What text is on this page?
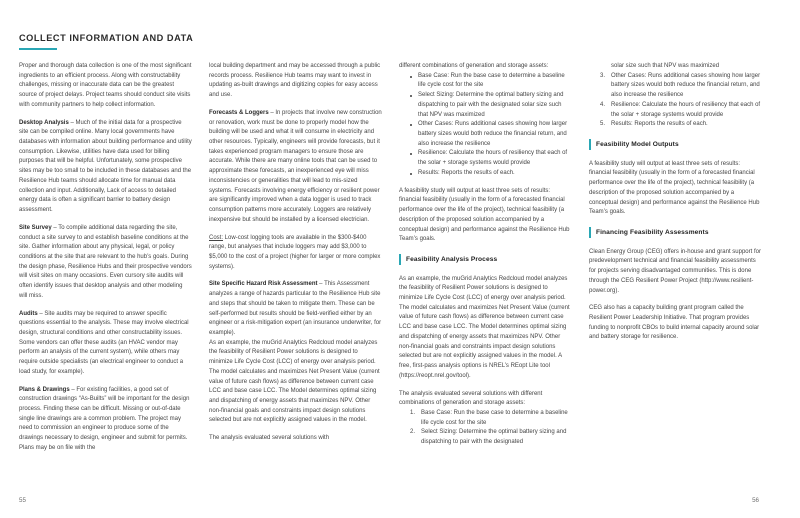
COLLECT INFORMATION AND DATA

Proper and thorough data collection is one of the most significant ingredients to an efficient process. Along with constructability challenges, missing or inaccurate data can be the greatest source of project delays. Project teams should conduct site visits with community partners to help collect information.

Desktop Analysis – Much of the initial data for a prospective site can be compiled online. Many local governments have databases with information about building performance and utility consumption. Likewise, utilities have data used for billing purposes that will be helpful. Unfortunately, some prospective sites may be too small to be included in these databases and the Resilience Hub teams should allocate time for manual data collection and input. Additionally, Lack of access to detailed energy data is often a significant barrier to battery design assessment.

Site Survey – To compile additional data regarding the site, conduct a site survey to and establish baseline conditions at the site. Gather information about any physical, legal, or policy conditions at the site that are relevant to the hub’s goals. During the design phase, Resilience Hubs and their prospective vendors will visit sites on many occasions. Even cursory site audits will often identify issues that desktop analysis and other modeling will miss.

Audits – Site audits may be required to answer specific questions essential to the analysis. These may involve electrical design, structural conditions and other constructability issues. Some vendors can offer these audits (an HVAC vendor may perform an analysis of the current system), while others may require outside specialists (an electrical engineer to conduct a load study, for example).

Plans & Drawings – For existing facilities, a good set of construction drawings “As-Builts” will be important for the design process. Finding these can be difficult. Missing or out-of-date single line drawings are a common problem. The project may need to commission an engineer to produce some of the drawings necessary to design, engineer and submit for permits. Plans may be on file with the

local building department and may be accessed through a public records process. Resilience Hub teams may want to invest in updating as-built drawings and digitizing copies for easy access and use.

Forecasts & Loggers – In projects that involve new construction or renovation, work must be done to properly model how the building will be used and what it will consume in electricity and other resources. Typically, engineers will provide forecasts, but it takes experienced program managers to ensure those are accurate. While there are many online tools that can be used to approximate these forecasts, an inexperienced eye will miss inconsistencies or generalities that will lead to mis-sized systems. Forecasts involving energy efficiency or resilient power are significantly improved when a data logger is used to track consumption patterns more accurately. Loggers are relatively inexpensive but should be installed by a licensed electrician.

Cost: Low-cost logging tools are available in the $300-$400 range, but analyses that include loggers may add $3,000 to $5,000 to the cost of a project (higher for larger or more complex systems).

Site Specific Hazard Risk Assessment – This Assessment analyzes a range of hazards particular to the Resilience Hub site and steps that should be taken to mitigate them. These can be self-performed but results should be field-verified either by an engineer or a risk-mitigation expert (an insurance underwriter, for example).

As an example, the muGrid Analytics Redcloud model analyzes the feasibility of Resilient Power solutions is designed to minimize Life Cycle Cost (LCC) of energy over analysis period. The model calculates and maximizes Net Present Value (current value of future cash flows) as difference between current case LCC and base case LCC. The Model determines optimal sizing and dispatching of energy assets that maximizes NPV. Other non-financial goals and constraints impact design solutions selected but are not explicitly assigned values in the model.

The analysis evaluated several solutions with

different combinations of generation and storage assets:

Base Case: Run the base case to determine a baseline life cycle cost for the site
Select Sizing: Determine the optimal battery sizing and dispatching to pair with the designated solar size such that NPV was maximized
Other Cases: Runs additional cases showing how larger battery sizes would both reduce the financial return, and also increase the resilience
Resilience: Calculate the hours of resiliency that each of the solar + storage systems would provide
Results: Reports the results of each.

A feasibility study will output at least three sets of results: financial feasibility (usually in the form of a forecasted financial performance over the life of the project), technical feasibility (a description of the proposed solution accompanied by a conceptual design) and performance against the Resilience Hub Team’s goals.

Feasibility Analysis Process

As an example, the muGrid Analytics Redcloud model analyzes the feasibility of Resilient Power solutions is designed to minimize Life Cycle Cost (LCC) of energy over analysis period. The model calculates and maximizes Net Present Value (current value of future cash flows) as difference between current case LCC and base case LCC. The Model determines optimal sizing and dispatching of energy assets that maximizes NPV. Other non-financial goals and constraints impact design solutions selected but are not explicitly assigned values in the model. A free, first-pass analysis options is NREL’s REopt Lite tool (https://reopt.nrel.gov/tool).

The analysis evaluated several solutions with different combinations of generation and storage assets:

Base Case: Run the base case to determine a baseline life cycle cost for the site
Select Sizing: Determine the optimal battery sizing and dispatching to pair with the designated
solar size such that NPV was maximized
Other Cases: Runs additional cases showing how larger battery sizes would both reduce the financial return, and also increase the resilience
Resilience: Calculate the hours of resiliency that each of the solar + storage systems would provide
Results: Reports the results of each.
Feasibility Model Outputs

A feasibility study will output at least three sets of results: financial feasibility (usually in the form of a forecasted financial performance over the life of the project), technical feasibility (a description of the proposed solution accompanied by a conceptual design) and performance against the Resilience Hub Team’s goals.

Financing Feasibility Assessments

Clean Energy Group (CEG) offers in-house and grant support for predevelopment technical and financial feasibility assessments for projects serving disadvantaged communities. This is done through the CEG Resilient Power Project (http://www.resilient-power.org).

CEG also has a capacity building grant program called the Resilient Power Leadership Initiative. That program provides funding to nonprofit CBOs to build internal capacity around solar and battery storage for resilience.

55	56
